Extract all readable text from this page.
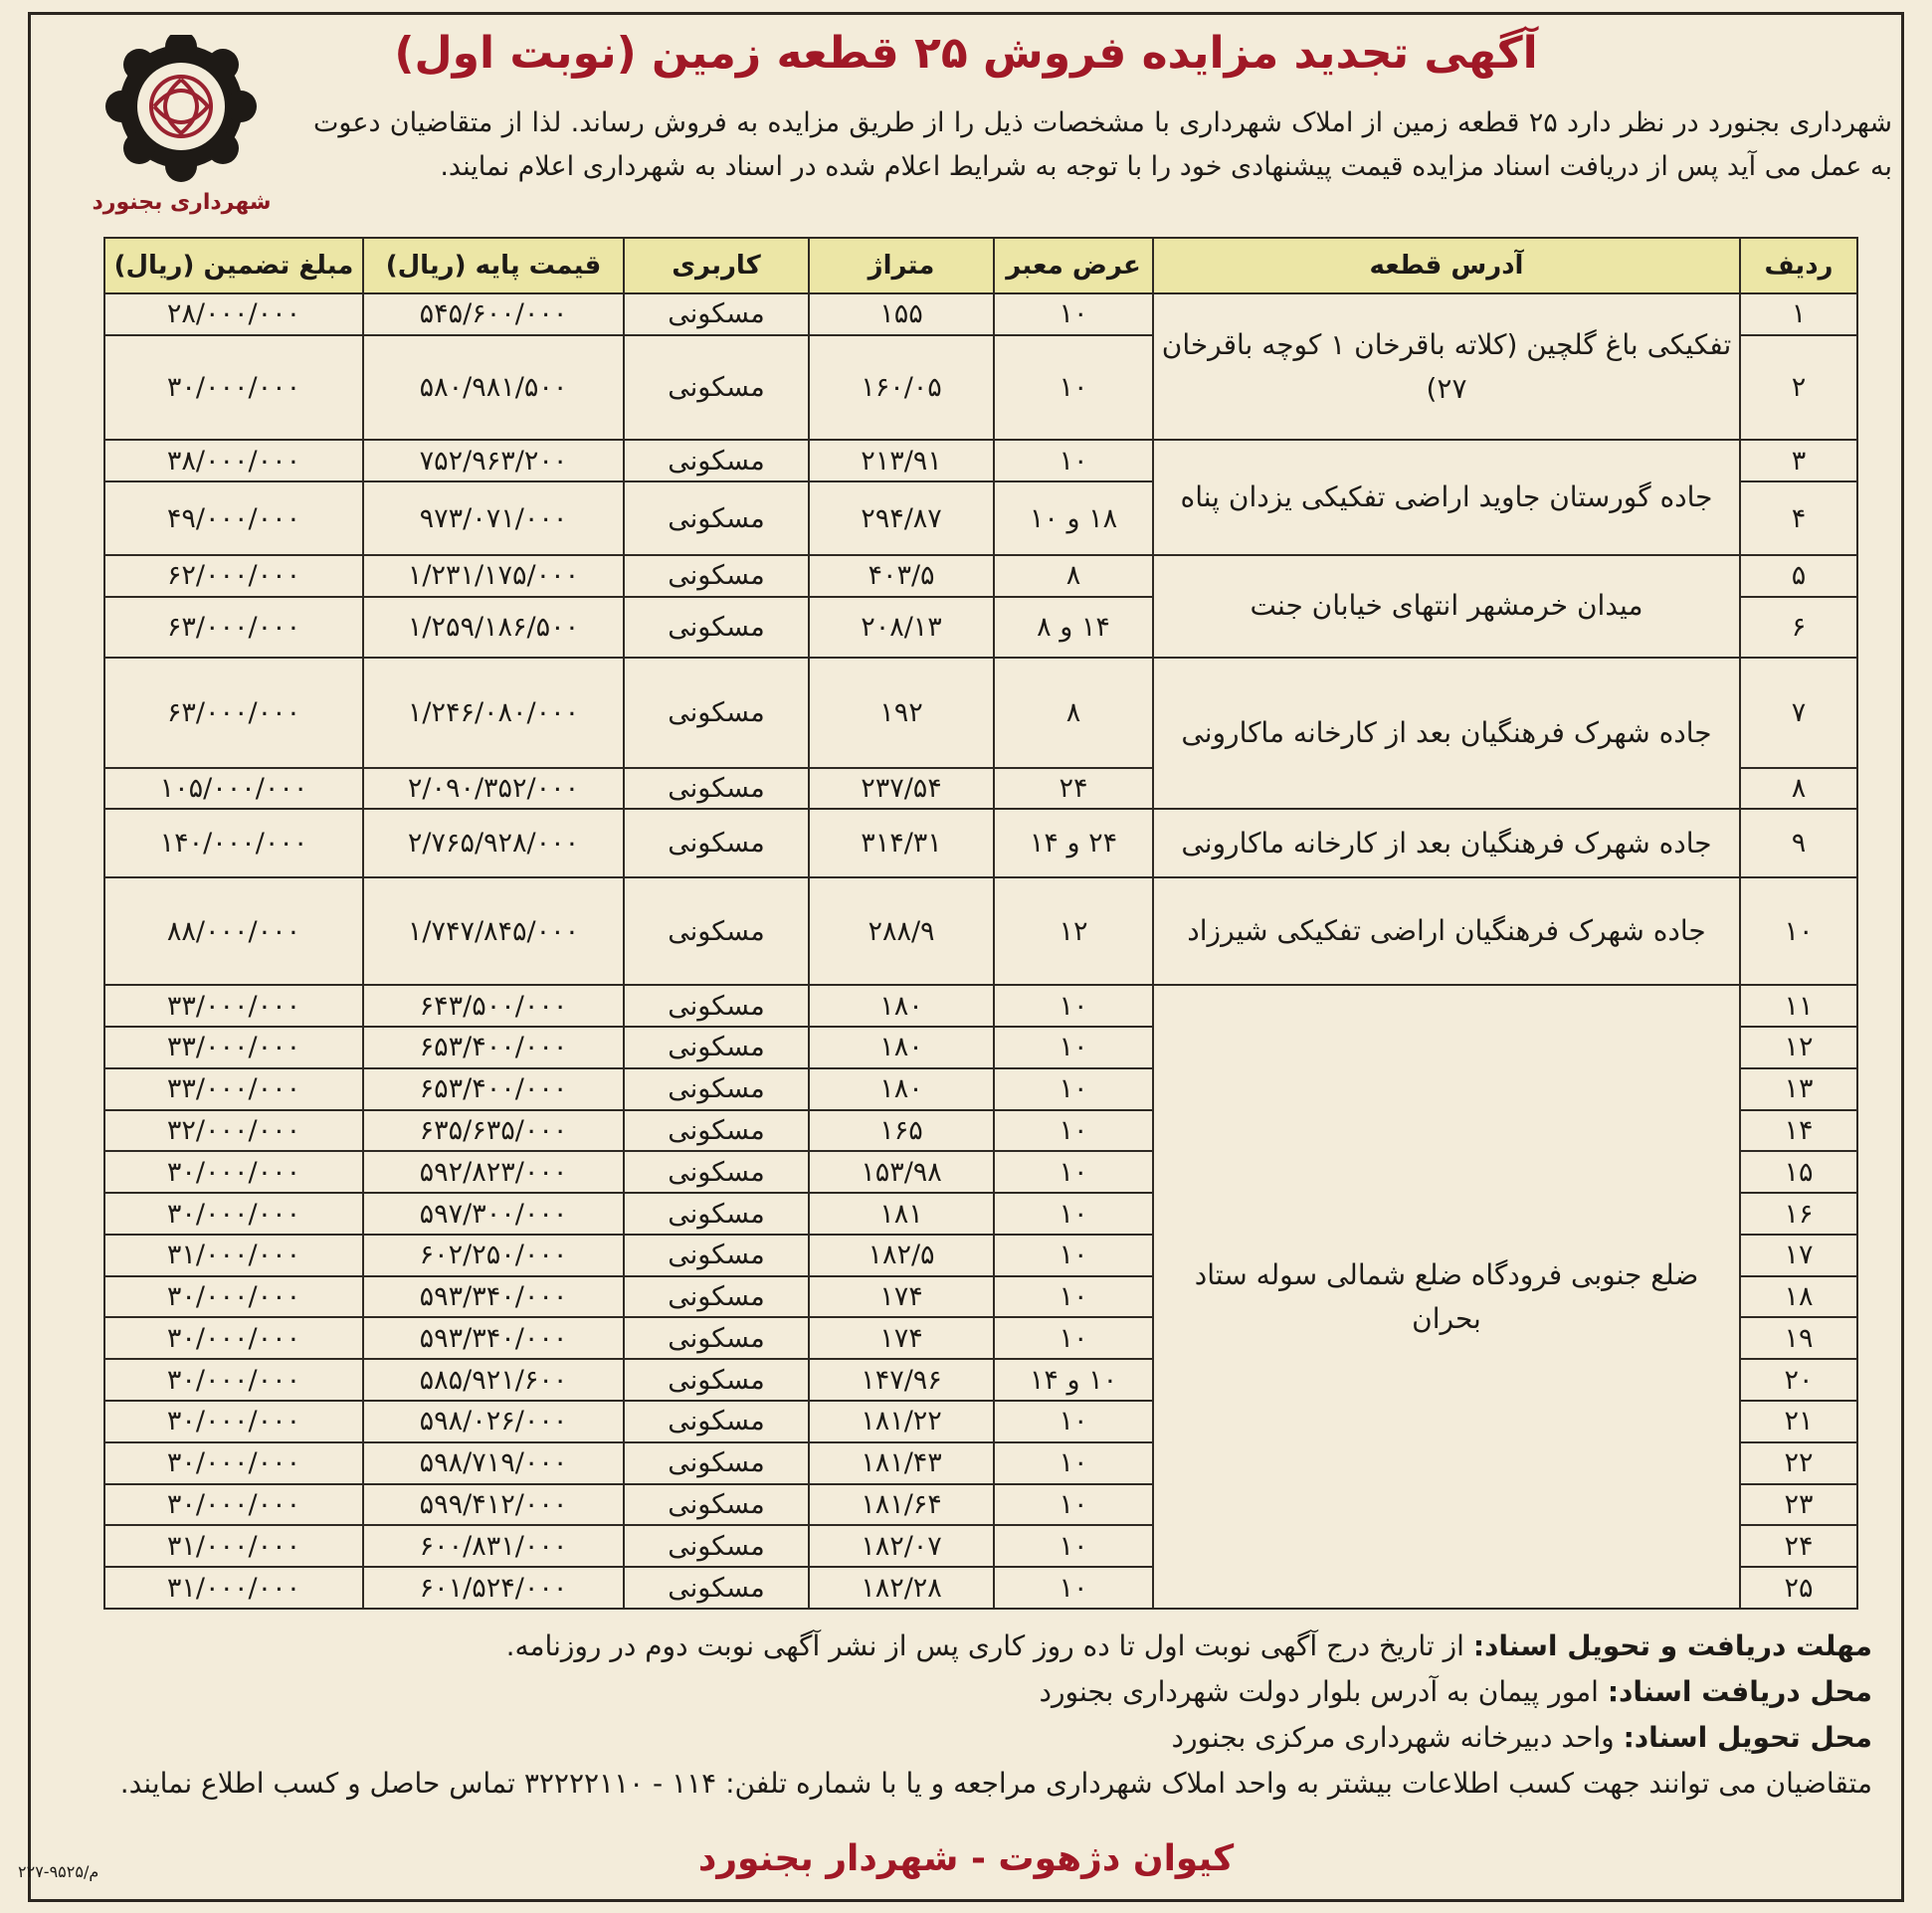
شهرداری بجنورد
آگهی تجدید مزایده فروش ۲۵ قطعه زمین (نوبت اول)
شهرداری بجنورد در نظر دارد ۲۵ قطعه زمین از املاک شهرداری با مشخصات ذیل را از طریق مزایده به فروش رساند. لذا از متقاضیان دعوت به عمل می آید پس از دریافت اسناد مزایده قیمت پیشنهادی خود را با توجه به شرایط اعلام شده در اسناد به شهرداری اعلام نمایند.
ردیف	آدرس قطعه	عرض معبر	متراژ	کاربری	قیمت پایه (ریال)	مبلغ تضمین (ریال)
۱	تفکیکی باغ گلچین (کلاته باقرخان ۱ کوچه باقرخان ۲۷)	۱۰	۱۵۵	مسکونی	۵۴۵/۶۰۰/۰۰۰	۲۸/۰۰۰/۰۰۰
۲		۱۰	۱۶۰/۰۵	مسکونی	۵۸۰/۹۸۱/۵۰۰	۳۰/۰۰۰/۰۰۰
۳	جاده گورستان جاوید اراضی تفکیکی یزدان پناه	۱۰	۲۱۳/۹۱	مسکونی	۷۵۲/۹۶۳/۲۰۰	۳۸/۰۰۰/۰۰۰
۴		۱۸ و ۱۰	۲۹۴/۸۷	مسکونی	۹۷۳/۰۷۱/۰۰۰	۴۹/۰۰۰/۰۰۰
۵	میدان خرمشهر انتهای خیابان جنت	۸	۴۰۳/۵	مسکونی	۱/۲۳۱/۱۷۵/۰۰۰	۶۲/۰۰۰/۰۰۰
۶		۱۴ و ۸	۲۰۸/۱۳	مسکونی	۱/۲۵۹/۱۸۶/۵۰۰	۶۳/۰۰۰/۰۰۰
۷	جاده شهرک فرهنگیان بعد از کارخانه ماکارونی	۸	۱۹۲	مسکونی	۱/۲۴۶/۰۸۰/۰۰۰	۶۳/۰۰۰/۰۰۰
۸		۲۴	۲۳۷/۵۴	مسکونی	۲/۰۹۰/۳۵۲/۰۰۰	۱۰۵/۰۰۰/۰۰۰
۹	جاده شهرک فرهنگیان بعد از کارخانه ماکارونی	۲۴ و ۱۴	۳۱۴/۳۱	مسکونی	۲/۷۶۵/۹۲۸/۰۰۰	۱۴۰/۰۰۰/۰۰۰
۱۰	جاده شهرک فرهنگیان اراضی تفکیکی شیرزاد	۱۲	۲۸۸/۹	مسکونی	۱/۷۴۷/۸۴۵/۰۰۰	۸۸/۰۰۰/۰۰۰
۱۱	ضلع جنوبی فرودگاه ضلع شمالی سوله ستاد بحران	۱۰	۱۸۰	مسکونی	۶۴۳/۵۰۰/۰۰۰	۳۳/۰۰۰/۰۰۰
۱۲		۱۰	۱۸۰	مسکونی	۶۵۳/۴۰۰/۰۰۰	۳۳/۰۰۰/۰۰۰
۱۳		۱۰	۱۸۰	مسکونی	۶۵۳/۴۰۰/۰۰۰	۳۳/۰۰۰/۰۰۰
۱۴		۱۰	۱۶۵	مسکونی	۶۳۵/۶۳۵/۰۰۰	۳۲/۰۰۰/۰۰۰
۱۵		۱۰	۱۵۳/۹۸	مسکونی	۵۹۲/۸۲۳/۰۰۰	۳۰/۰۰۰/۰۰۰
۱۶		۱۰	۱۸۱	مسکونی	۵۹۷/۳۰۰/۰۰۰	۳۰/۰۰۰/۰۰۰
۱۷		۱۰	۱۸۲/۵	مسکونی	۶۰۲/۲۵۰/۰۰۰	۳۱/۰۰۰/۰۰۰
۱۸		۱۰	۱۷۴	مسکونی	۵۹۳/۳۴۰/۰۰۰	۳۰/۰۰۰/۰۰۰
۱۹		۱۰	۱۷۴	مسکونی	۵۹۳/۳۴۰/۰۰۰	۳۰/۰۰۰/۰۰۰
۲۰		۱۰ و ۱۴	۱۴۷/۹۶	مسکونی	۵۸۵/۹۲۱/۶۰۰	۳۰/۰۰۰/۰۰۰
۲۱		۱۰	۱۸۱/۲۲	مسکونی	۵۹۸/۰۲۶/۰۰۰	۳۰/۰۰۰/۰۰۰
۲۲		۱۰	۱۸۱/۴۳	مسکونی	۵۹۸/۷۱۹/۰۰۰	۳۰/۰۰۰/۰۰۰
۲۳		۱۰	۱۸۱/۶۴	مسکونی	۵۹۹/۴۱۲/۰۰۰	۳۰/۰۰۰/۰۰۰
۲۴		۱۰	۱۸۲/۰۷	مسکونی	۶۰۰/۸۳۱/۰۰۰	۳۱/۰۰۰/۰۰۰
۲۵		۱۰	۱۸۲/۲۸	مسکونی	۶۰۱/۵۲۴/۰۰۰	۳۱/۰۰۰/۰۰۰
مهلت دریافت و تحویل اسناد: از تاریخ درج آگهی نوبت اول تا ده روز کاری پس از نشر آگهی نوبت دوم در روزنامه.
محل دریافت اسناد: امور پیمان به آدرس بلوار دولت شهرداری بجنورد
محل تحویل اسناد: واحد دبیرخانه شهرداری مرکزی بجنورد
متقاضیان می توانند جهت کسب اطلاعات بیشتر به واحد املاک شهرداری مراجعه و یا با شماره تلفن: ۱۱۴ - ۳۲۲۲۲۱۱۰ تماس حاصل و کسب اطلاع نمایند.
کیوان دژهوت - شهردار بجنورد
م/۹۵۲۵-۲۲۷
